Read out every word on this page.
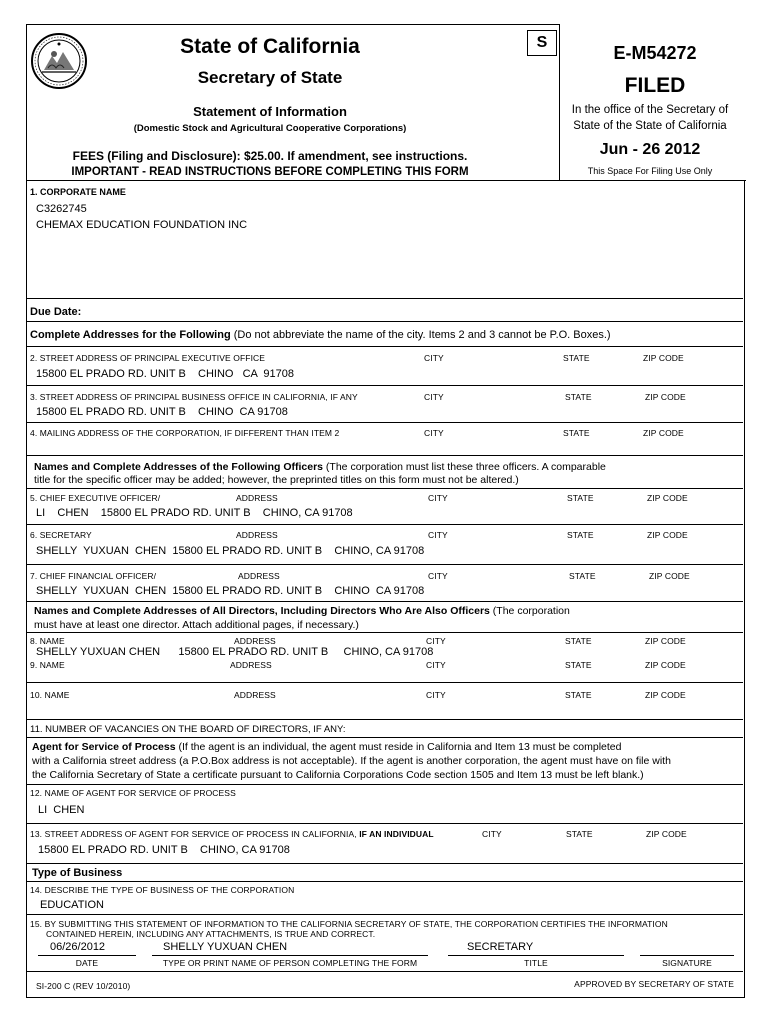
State of California
Secretary of State
Statement of Information
(Domestic Stock and Agricultural Cooperative Corporations)
FEES (Filing and Disclosure): $25.00. If amendment, see instructions.
IMPORTANT - READ INSTRUCTIONS BEFORE COMPLETING THIS FORM
S
E-M54272
FILED
In the office of the Secretary of
State of the State of California
Jun - 26 2012
This Space For Filing Use Only
1. CORPORATE NAME
C3262745
CHEMAX EDUCATION FOUNDATION INC
Due Date:
Complete Addresses for the Following (Do not abbreviate the name of the city. Items 2 and 3 cannot be P.O. Boxes.)
2. STREET ADDRESS OF PRINCIPAL EXECUTIVE OFFICE	CITY	STATE	ZIP CODE
15800 EL PRADO RD. UNIT B    CHINO   CA  91708
3. STREET ADDRESS OF PRINCIPAL BUSINESS OFFICE IN CALIFORNIA, IF ANY	CITY	STATE	ZIP CODE
15800 EL PRADO RD. UNIT B    CHINO  CA 91708
4. MAILING ADDRESS OF THE CORPORATION, IF DIFFERENT THAN ITEM 2	CITY	STATE	ZIP CODE
Names and Complete Addresses of the Following Officers (The corporation must list these three officers. A comparable
title for the specific officer may be added; however, the preprinted titles on this form must not be altered.)
5. CHIEF EXECUTIVE OFFICER/	ADDRESS	CITY	STATE	ZIP CODE
LI    CHEN    15800 EL PRADO RD. UNIT B    CHINO, CA 91708
6. SECRETARY	ADDRESS	CITY	STATE	ZIP CODE
SHELLY  YUXUAN  CHEN  15800 EL PRADO RD. UNIT B    CHINO, CA 91708
7. CHIEF FINANCIAL OFFICER/	ADDRESS	CITY	STATE	ZIP CODE
SHELLY  YUXUAN  CHEN  15800 EL PRADO RD. UNIT B    CHINO  CA 91708
Names and Complete Addresses of All Directors, Including Directors Who Are Also Officers (The corporation
must have at least one director. Attach additional pages, if necessary.)
8. NAME	ADDRESS	CITY	STATE	ZIP CODE
SHELLY YUXUAN CHEN      15800 EL PRADO RD. UNIT B     CHINO, CA 91708
9. NAME	ADDRESS	CITY	STATE	ZIP CODE
10. NAME	ADDRESS	CITY	STATE	ZIP CODE
11. NUMBER OF VACANCIES ON THE BOARD OF DIRECTORS, IF ANY:
Agent for Service of Process (If the agent is an individual, the agent must reside in California and Item 13 must be completed
with a California street address (a P.O.Box address is not acceptable). If the agent is another corporation, the agent must have on file with
the California Secretary of State a certificate pursuant to California Corporations Code section 1505 and Item 13 must be left blank.)
12. NAME OF AGENT FOR SERVICE OF PROCESS
LI  CHEN
13. STREET ADDRESS OF AGENT FOR SERVICE OF PROCESS IN CALIFORNIA, IF AN INDIVIDUAL	CITY	STATE	ZIP CODE
15800 EL PRADO RD. UNIT B    CHINO, CA 91708
Type of Business
14. DESCRIBE THE TYPE OF BUSINESS OF THE CORPORATION
EDUCATION
15. BY SUBMITTING THIS STATEMENT OF INFORMATION TO THE CALIFORNIA SECRETARY OF STATE, THE CORPORATION CERTIFIES THE INFORMATION
CONTAINED HEREIN, INCLUDING ANY ATTACHMENTS, IS TRUE AND CORRECT.
06/26/2012	SHELLY YUXUAN CHEN	SECRETARY
DATE	TYPE OR PRINT NAME OF PERSON COMPLETING THE FORM	TITLE	SIGNATURE
SI-200 C (REV 10/2010)	APPROVED BY SECRETARY OF STATE
